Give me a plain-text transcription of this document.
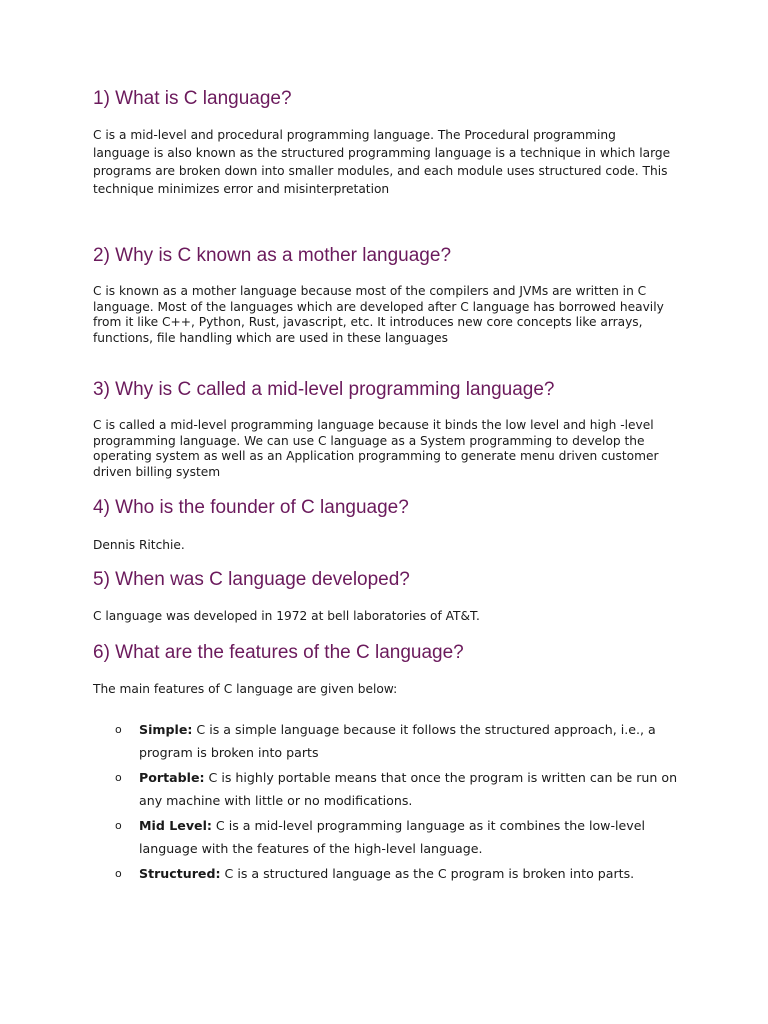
1) What is C language?

C is a mid-level and procedural programming language. The Procedural programming language is also known as the structured programming language is a technique in which large programs are broken down into smaller modules, and each module uses structured code. This technique minimizes error and misinterpretation

2) Why is C known as a mother language?

C is known as a mother language because most of the compilers and JVMs are written in C language. Most of the languages which are developed after C language has borrowed heavily from it like C++, Python, Rust, javascript, etc. It introduces new core concepts like arrays, functions, file handling which are used in these languages

3) Why is C called a mid-level programming language?

C is called a mid-level programming language because it binds the low level and high -level programming language. We can use C language as a System programming to develop the operating system as well as an Application programming to generate menu driven customer driven billing system

4) Who is the founder of C language?

Dennis Ritchie.

5) When was C language developed?

C language was developed in 1972 at bell laboratories of AT&T.

6) What are the features of the C language?

The main features of C language are given below:

o Simple: C is a simple language because it follows the structured approach, i.e., a program is broken into parts
o Portable: C is highly portable means that once the program is written can be run on any machine with little or no modifications.
o Mid Level: C is a mid-level programming language as it combines the low-level language with the features of the high-level language.
o Structured: C is a structured language as the C program is broken into parts.
